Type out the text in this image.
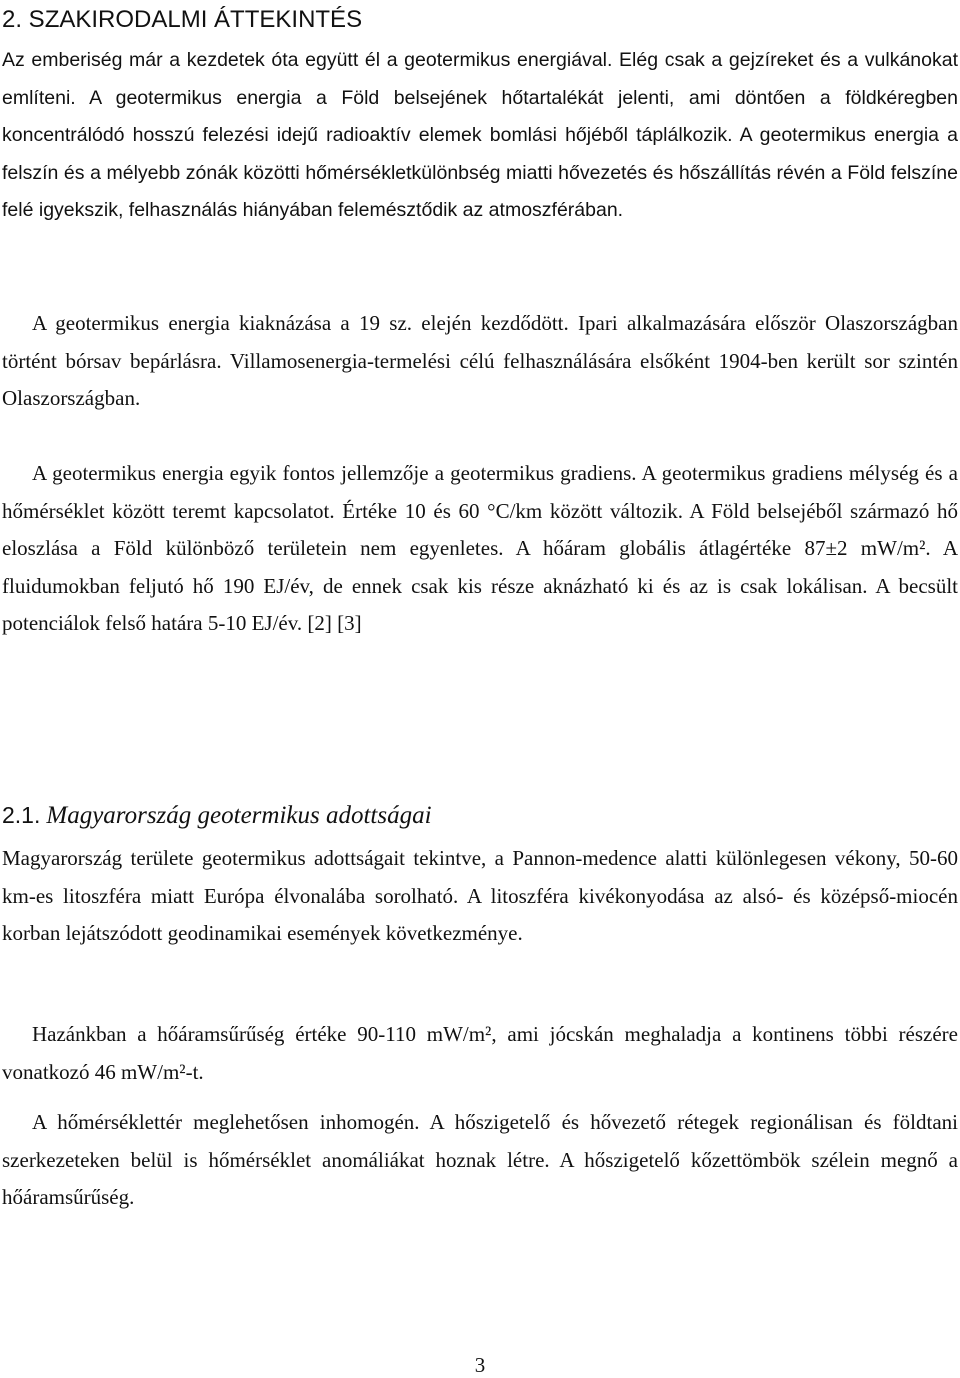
2. SZAKIRODALMI ÁTTEKINTÉS

Az emberiség már a kezdetek óta együtt él a geotermikus energiával. Elég csak a gejzíreket és a vulkánokat említeni. A geotermikus energia a Föld belsejének hőtartalékát jelenti, ami döntően a földkéregben koncentrálódó hosszú felezési idejű radioaktív elemek bomlási hőjéből táplálkozik. A geotermikus energia a felszín és a mélyebb zónák közötti hőmérsékletkülönbség miatti hővezetés és hőszállítás révén a Föld felszíne felé igyekszik, felhasználás hiányában felemésztődik az atmoszférában.

A geotermikus energia kiaknázása a 19 sz. elején kezdődött. Ipari alkalmazására először Olaszországban történt bórsav bepárlásra. Villamosenergia-termelési célú felhasználására elsőként 1904-ben került sor szintén Olaszországban.

A geotermikus energia egyik fontos jellemzője a geotermikus gradiens. A geotermikus gradiens mélység és a hőmérséklet között teremt kapcsolatot. Értéke 10 és 60 °C/km között változik. A Föld belsejéből származó hő eloszlása a Föld különböző területein nem egyenletes. A hőáram globális átlagértéke 87±2 mW/m². A fluidumokban feljutó hő 190 EJ/év, de ennek csak kis része aknázható ki és az is csak lokálisan. A becsült potenciálok felső határa 5-10 EJ/év. [2] [3]

2.1. Magyarország geotermikus adottságai

Magyarország területe geotermikus adottságait tekintve, a Pannon-medence alatti különlegesen vékony, 50-60 km-es litoszféra miatt Európa élvonalába sorolható. A litoszféra kivékonyodása az alsó- és középső-miocén korban lejátszódott geodinamikai események következménye.

Hazánkban a hőáramsűrűség értéke 90-110 mW/m², ami jócskán meghaladja a kontinens többi részére vonatkozó 46 mW/m²-t.

A hőmérséklettér meglehetősen inhomogén. A hőszigetelő és hővezető rétegek regionálisan és földtani szerkezeteken belül is hőmérséklet anomáliákat hoznak létre. A hőszigetelő kőzettömbök szélein megnő a hőáramsűrűség.

3
